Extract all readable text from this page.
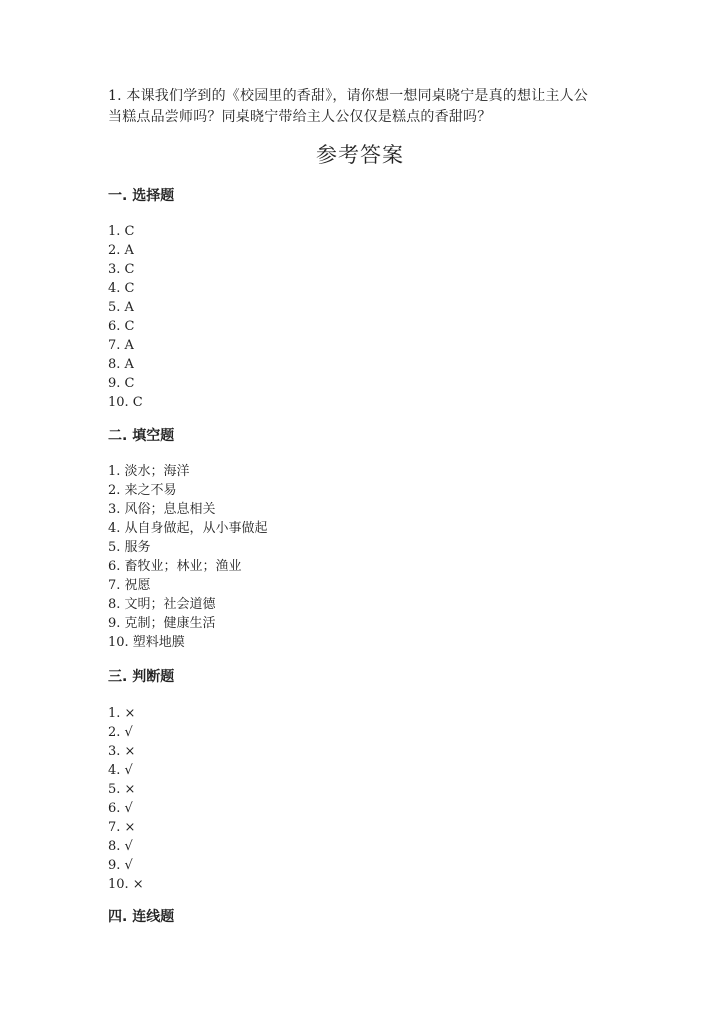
1. 本课我们学到的《校园里的香甜》，请你想一想同桌晓宁是真的想让主人公

当糕点品尝师吗？同桌晓宁带给主人公仅仅是糕点的香甜吗？

参考答案
一. 选择题
1. C
2. A
3. C
4. C
5. A
6. C
7. A
8. A
9. C
10. C
二. 填空题
1. 淡水；海洋
2. 来之不易
3. 风俗；息息相关
4. 从自身做起，从小事做起
5. 服务
6. 畜牧业；林业；渔业
7. 祝愿
8. 文明；社会道德
9. 克制；健康生活
10. 塑料地膜
三. 判断题
1. ×
2. √
3. ×
4. √
5. ×
6. √
7. ×
8. √
9. √
10. ×
四. 连线题
